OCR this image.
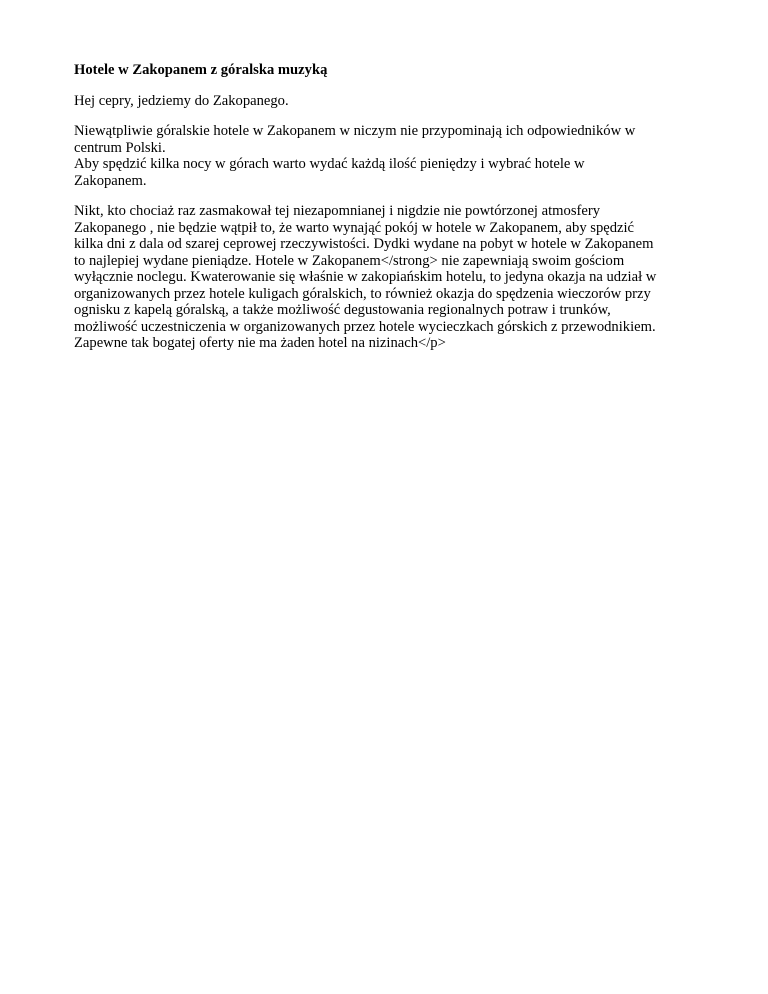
Hotele w Zakopanem z góralska muzyką
Hej cepry, jedziemy do Zakopanego.
Niewątpliwie góralskie hotele w Zakopanem w niczym nie przypominają ich odpowiedników w
centrum Polski.
Aby spędzić kilka nocy w górach warto wydać każdą ilość pieniędzy i wybrać hotele w
Zakopanem.
Nikt, kto chociaż raz zasmakował tej niezapomnianej i nigdzie nie powtórzonej atmosfery
Zakopanego , nie będzie wątpił to, że warto wynająć pokój w hotele w Zakopanem, aby spędzić
kilka dni z dala od szarej ceprowej rzeczywistości. Dydki wydane na pobyt w hotele w Zakopanem
to najlepiej wydane pieniądze. Hotele w Zakopanem</strong> nie zapewniają swoim gościom
wyłącznie noclegu. Kwaterowanie się właśnie w zakopiańskim hotelu, to jedyna okazja na udział w
organizowanych przez hotele kuligach góralskich, to również okazja do spędzenia wieczorów przy
ognisku z kapelą góralską, a także możliwość degustowania regionalnych potraw i trunków,
możliwość uczestniczenia w organizowanych przez hotele wycieczkach górskich z przewodnikiem.
Zapewne tak bogatej oferty nie ma żaden hotel na nizinach</p>
